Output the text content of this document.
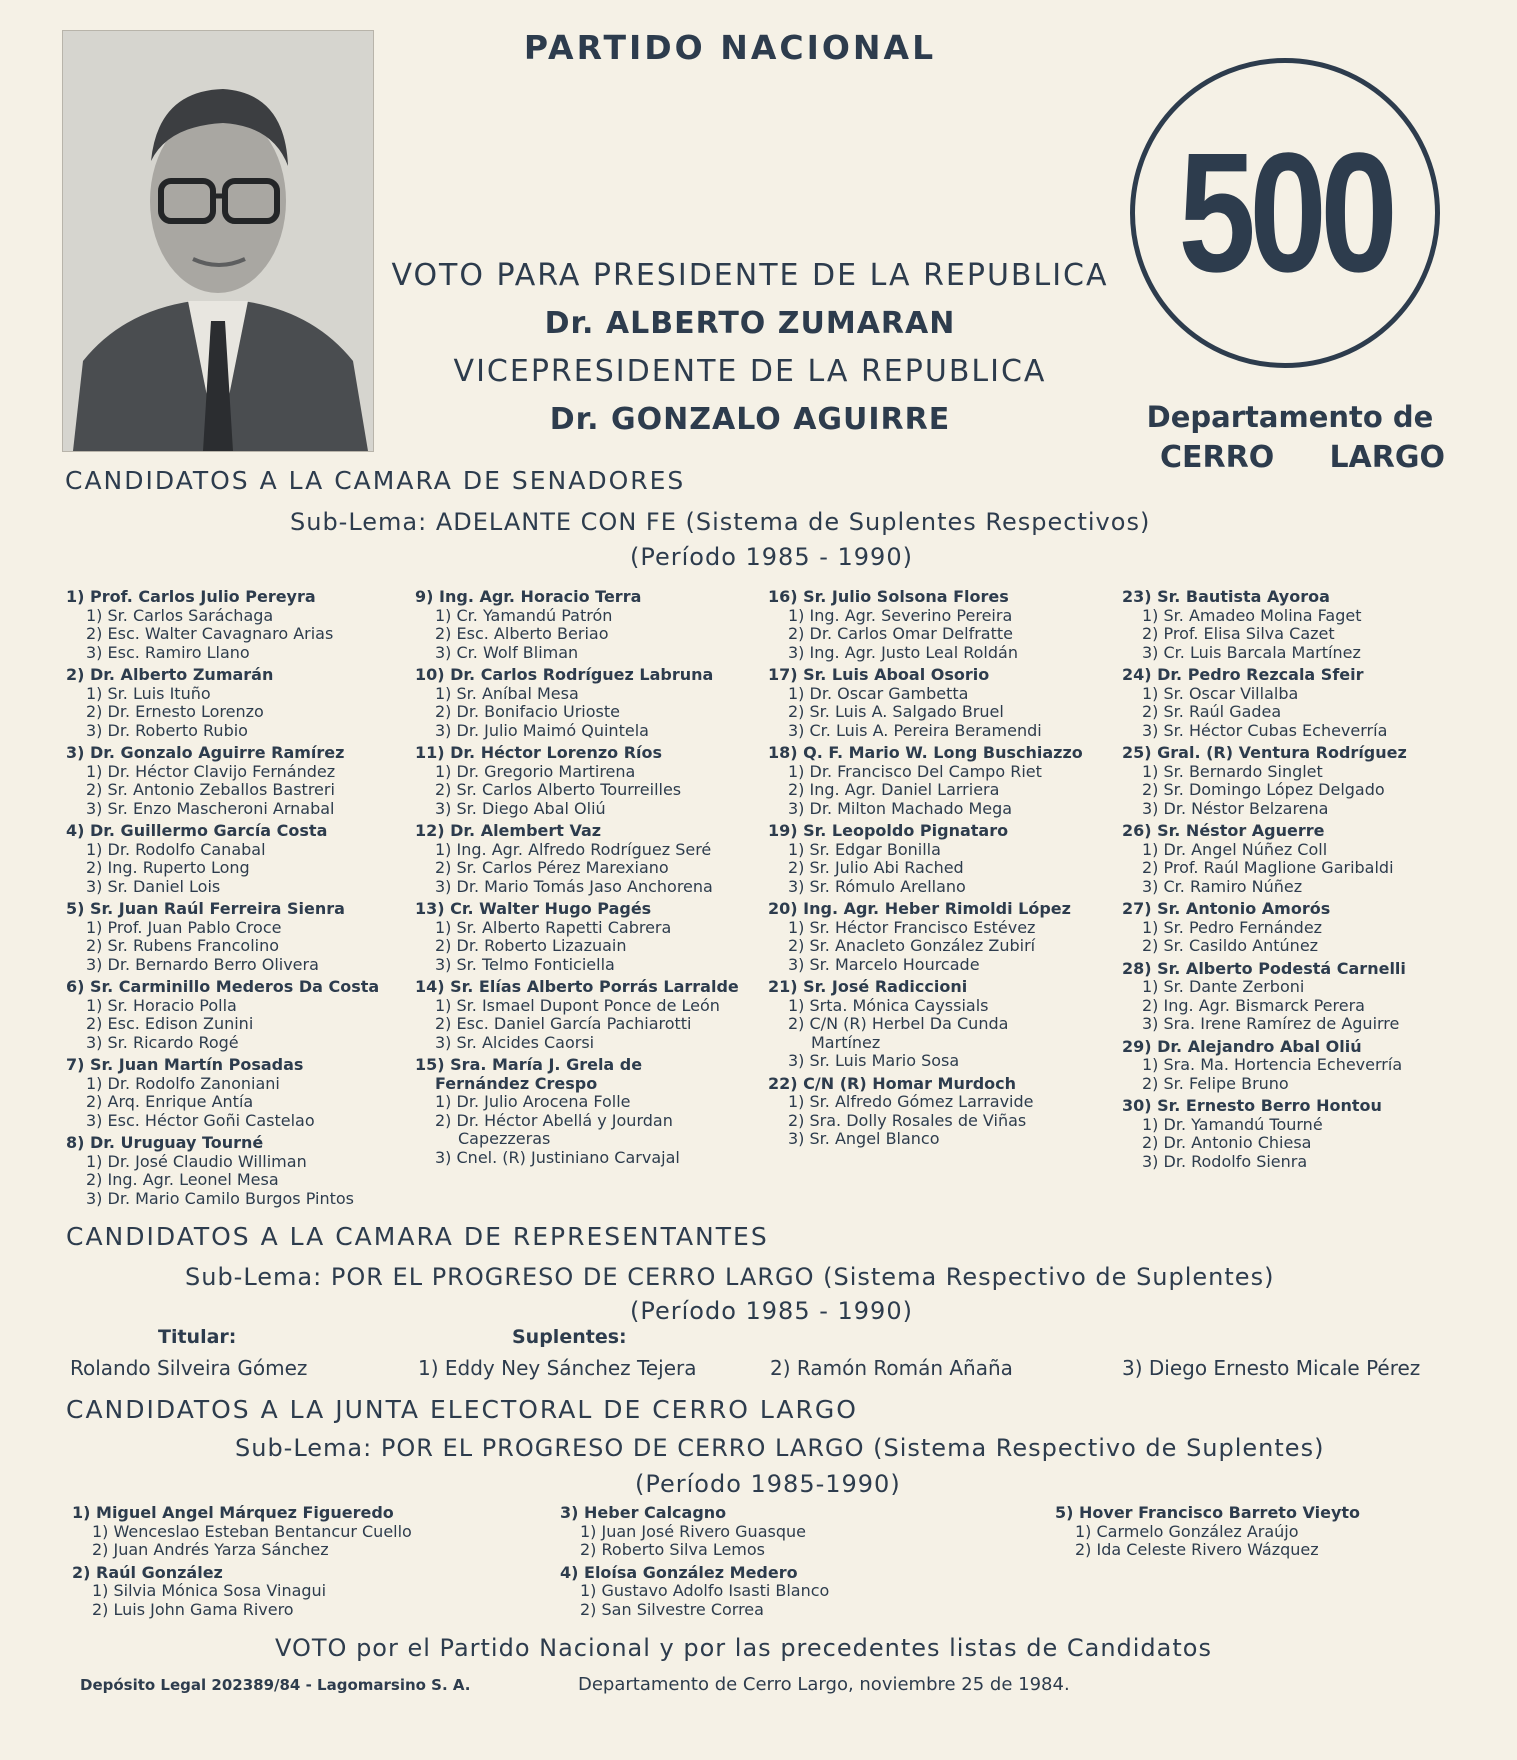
PARTIDO NACIONAL
VOTO PARA PRESIDENTE DE LA REPUBLICA
Dr. ALBERTO ZUMARAN
VICEPRESIDENTE DE LA REPUBLICA
Dr. GONZALO AGUIRRE
500
Departamento de
CERRO LARGO
CANDIDATOS A LA CAMARA DE SENADORES
Sub-Lema: ADELANTE CON FE (Sistema de Suplentes Respectivos)
(Período 1985 - 1990)
1) Prof. Carlos Julio Pereyra
1) Sr. Carlos Saráchaga
2) Esc. Walter Cavagnaro Arias
3) Esc. Ramiro Llano
2) Dr. Alberto Zumarán
1) Sr. Luis Ituño
2) Dr. Ernesto Lorenzo
3) Dr. Roberto Rubio
3) Dr. Gonzalo Aguirre Ramírez
1) Dr. Héctor Clavijo Fernández
2) Sr. Antonio Zeballos Bastreri
3) Sr. Enzo Mascheroni Arnabal
4) Dr. Guillermo García Costa
1) Dr. Rodolfo Canabal
2) Ing. Ruperto Long
3) Sr. Daniel Lois
5) Sr. Juan Raúl Ferreira Sienra
1) Prof. Juan Pablo Croce
2) Sr. Rubens Francolino
3) Dr. Bernardo Berro Olivera
6) Sr. Carminillo Mederos Da Costa
1) Sr. Horacio Polla
2) Esc. Edison Zunini
3) Sr. Ricardo Rogé
7) Sr. Juan Martín Posadas
1) Dr. Rodolfo Zanoniani
2) Arq. Enrique Antía
3) Esc. Héctor Goñi Castelao
8) Dr. Uruguay Tourné
1) Dr. José Claudio Williman
2) Ing. Agr. Leonel Mesa
3) Dr. Mario Camilo Burgos Pintos
9) Ing. Agr. Horacio Terra
1) Cr. Yamandú Patrón
2) Esc. Alberto Beriao
3) Cr. Wolf Bliman
10) Dr. Carlos Rodríguez Labruna
1) Sr. Aníbal Mesa
2) Dr. Bonifacio Urioste
3) Dr. Julio Maimó Quintela
11) Dr. Héctor Lorenzo Ríos
1) Dr. Gregorio Martirena
2) Sr. Carlos Alberto Tourreilles
3) Sr. Diego Abal Oliú
12) Dr. Alembert Vaz
1) Ing. Agr. Alfredo Rodríguez Seré
2) Sr. Carlos Pérez Marexiano
3) Dr. Mario Tomás Jaso Anchorena
13) Cr. Walter Hugo Pagés
1) Sr. Alberto Rapetti Cabrera
2) Dr. Roberto Lizazuain
3) Sr. Telmo Fonticiella
14) Sr. Elías Alberto Porrás Larralde
1) Sr. Ismael Dupont Ponce de León
2) Esc. Daniel García Pachiarotti
3) Sr. Alcides Caorsi
15) Sra. María J. Grela de
Fernández Crespo
1) Dr. Julio Arocena Folle
2) Dr. Héctor Abellá y Jourdan
Capezzeras
3) Cnel. (R) Justiniano Carvajal
16) Sr. Julio Solsona Flores
1) Ing. Agr. Severino Pereira
2) Dr. Carlos Omar Delfratte
3) Ing. Agr. Justo Leal Roldán
17) Sr. Luis Aboal Osorio
1) Dr. Oscar Gambetta
2) Sr. Luis A. Salgado Bruel
3) Cr. Luis A. Pereira Beramendi
18) Q. F. Mario W. Long Buschiazzo
1) Dr. Francisco Del Campo Riet
2) Ing. Agr. Daniel Larriera
3) Dr. Milton Machado Mega
19) Sr. Leopoldo Pignataro
1) Sr. Edgar Bonilla
2) Sr. Julio Abi Rached
3) Sr. Rómulo Arellano
20) Ing. Agr. Heber Rimoldi López
1) Sr. Héctor Francisco Estévez
2) Sr. Anacleto González Zubirí
3) Sr. Marcelo Hourcade
21) Sr. José Radiccioni
1) Srta. Mónica Cayssials
2) C/N (R) Herbel Da Cunda
Martínez
3) Sr. Luis Mario Sosa
22) C/N (R) Homar Murdoch
1) Sr. Alfredo Gómez Larravide
2) Sra. Dolly Rosales de Viñas
3) Sr. Angel Blanco
23) Sr. Bautista Ayoroa
1) Sr. Amadeo Molina Faget
2) Prof. Elisa Silva Cazet
3) Cr. Luis Barcala Martínez
24) Dr. Pedro Rezcala Sfeir
1) Sr. Oscar Villalba
2) Sr. Raúl Gadea
3) Sr. Héctor Cubas Echeverría
25) Gral. (R) Ventura Rodríguez
1) Sr. Bernardo Singlet
2) Sr. Domingo López Delgado
3) Dr. Néstor Belzarena
26) Sr. Néstor Aguerre
1) Dr. Angel Núñez Coll
2) Prof. Raúl Maglione Garibaldi
3) Cr. Ramiro Núñez
27) Sr. Antonio Amorós
1) Sr. Pedro Fernández
2) Sr. Casildo Antúnez
28) Sr. Alberto Podestá Carnelli
1) Sr. Dante Zerboni
2) Ing. Agr. Bismarck Perera
3) Sra. Irene Ramírez de Aguirre
29) Dr. Alejandro Abal Oliú
1) Sra. Ma. Hortencia Echeverría
2) Sr. Felipe Bruno
30) Sr. Ernesto Berro Hontou
1) Dr. Yamandú Tourné
2) Dr. Antonio Chiesa
3) Dr. Rodolfo Sienra
CANDIDATOS A LA CAMARA DE REPRESENTANTES
Sub-Lema: POR EL PROGRESO DE CERRO LARGO (Sistema Respectivo de Suplentes)
(Período 1985 - 1990)
Titular:	Suplentes:
Rolando Silveira Gómez	1) Eddy Ney Sánchez Tejera	2) Ramón Román Añaña	3) Diego Ernesto Micale Pérez
CANDIDATOS A LA JUNTA ELECTORAL DE CERRO LARGO
Sub-Lema: POR EL PROGRESO DE CERRO LARGO (Sistema Respectivo de Suplentes)
(Período 1985-1990)
1) Miguel Angel Márquez Figueredo
1) Wenceslao Esteban Bentancur Cuello
2) Juan Andrés Yarza Sánchez
2) Raúl González
1) Silvia Mónica Sosa Vinagui
2) Luis John Gama Rivero
3) Heber Calcagno
1) Juan José Rivero Guasque
2) Roberto Silva Lemos
4) Eloísa González Medero
1) Gustavo Adolfo Isasti Blanco
2) San Silvestre Correa
5) Hover Francisco Barreto Vieyto
1) Carmelo González Araújo
2) Ida Celeste Rivero Wázquez
VOTO por el Partido Nacional y por las precedentes listas de Candidatos
Depósito Legal 202389/84 - Lagomarsino S. A.	Departamento de Cerro Largo, noviembre 25 de 1984.
